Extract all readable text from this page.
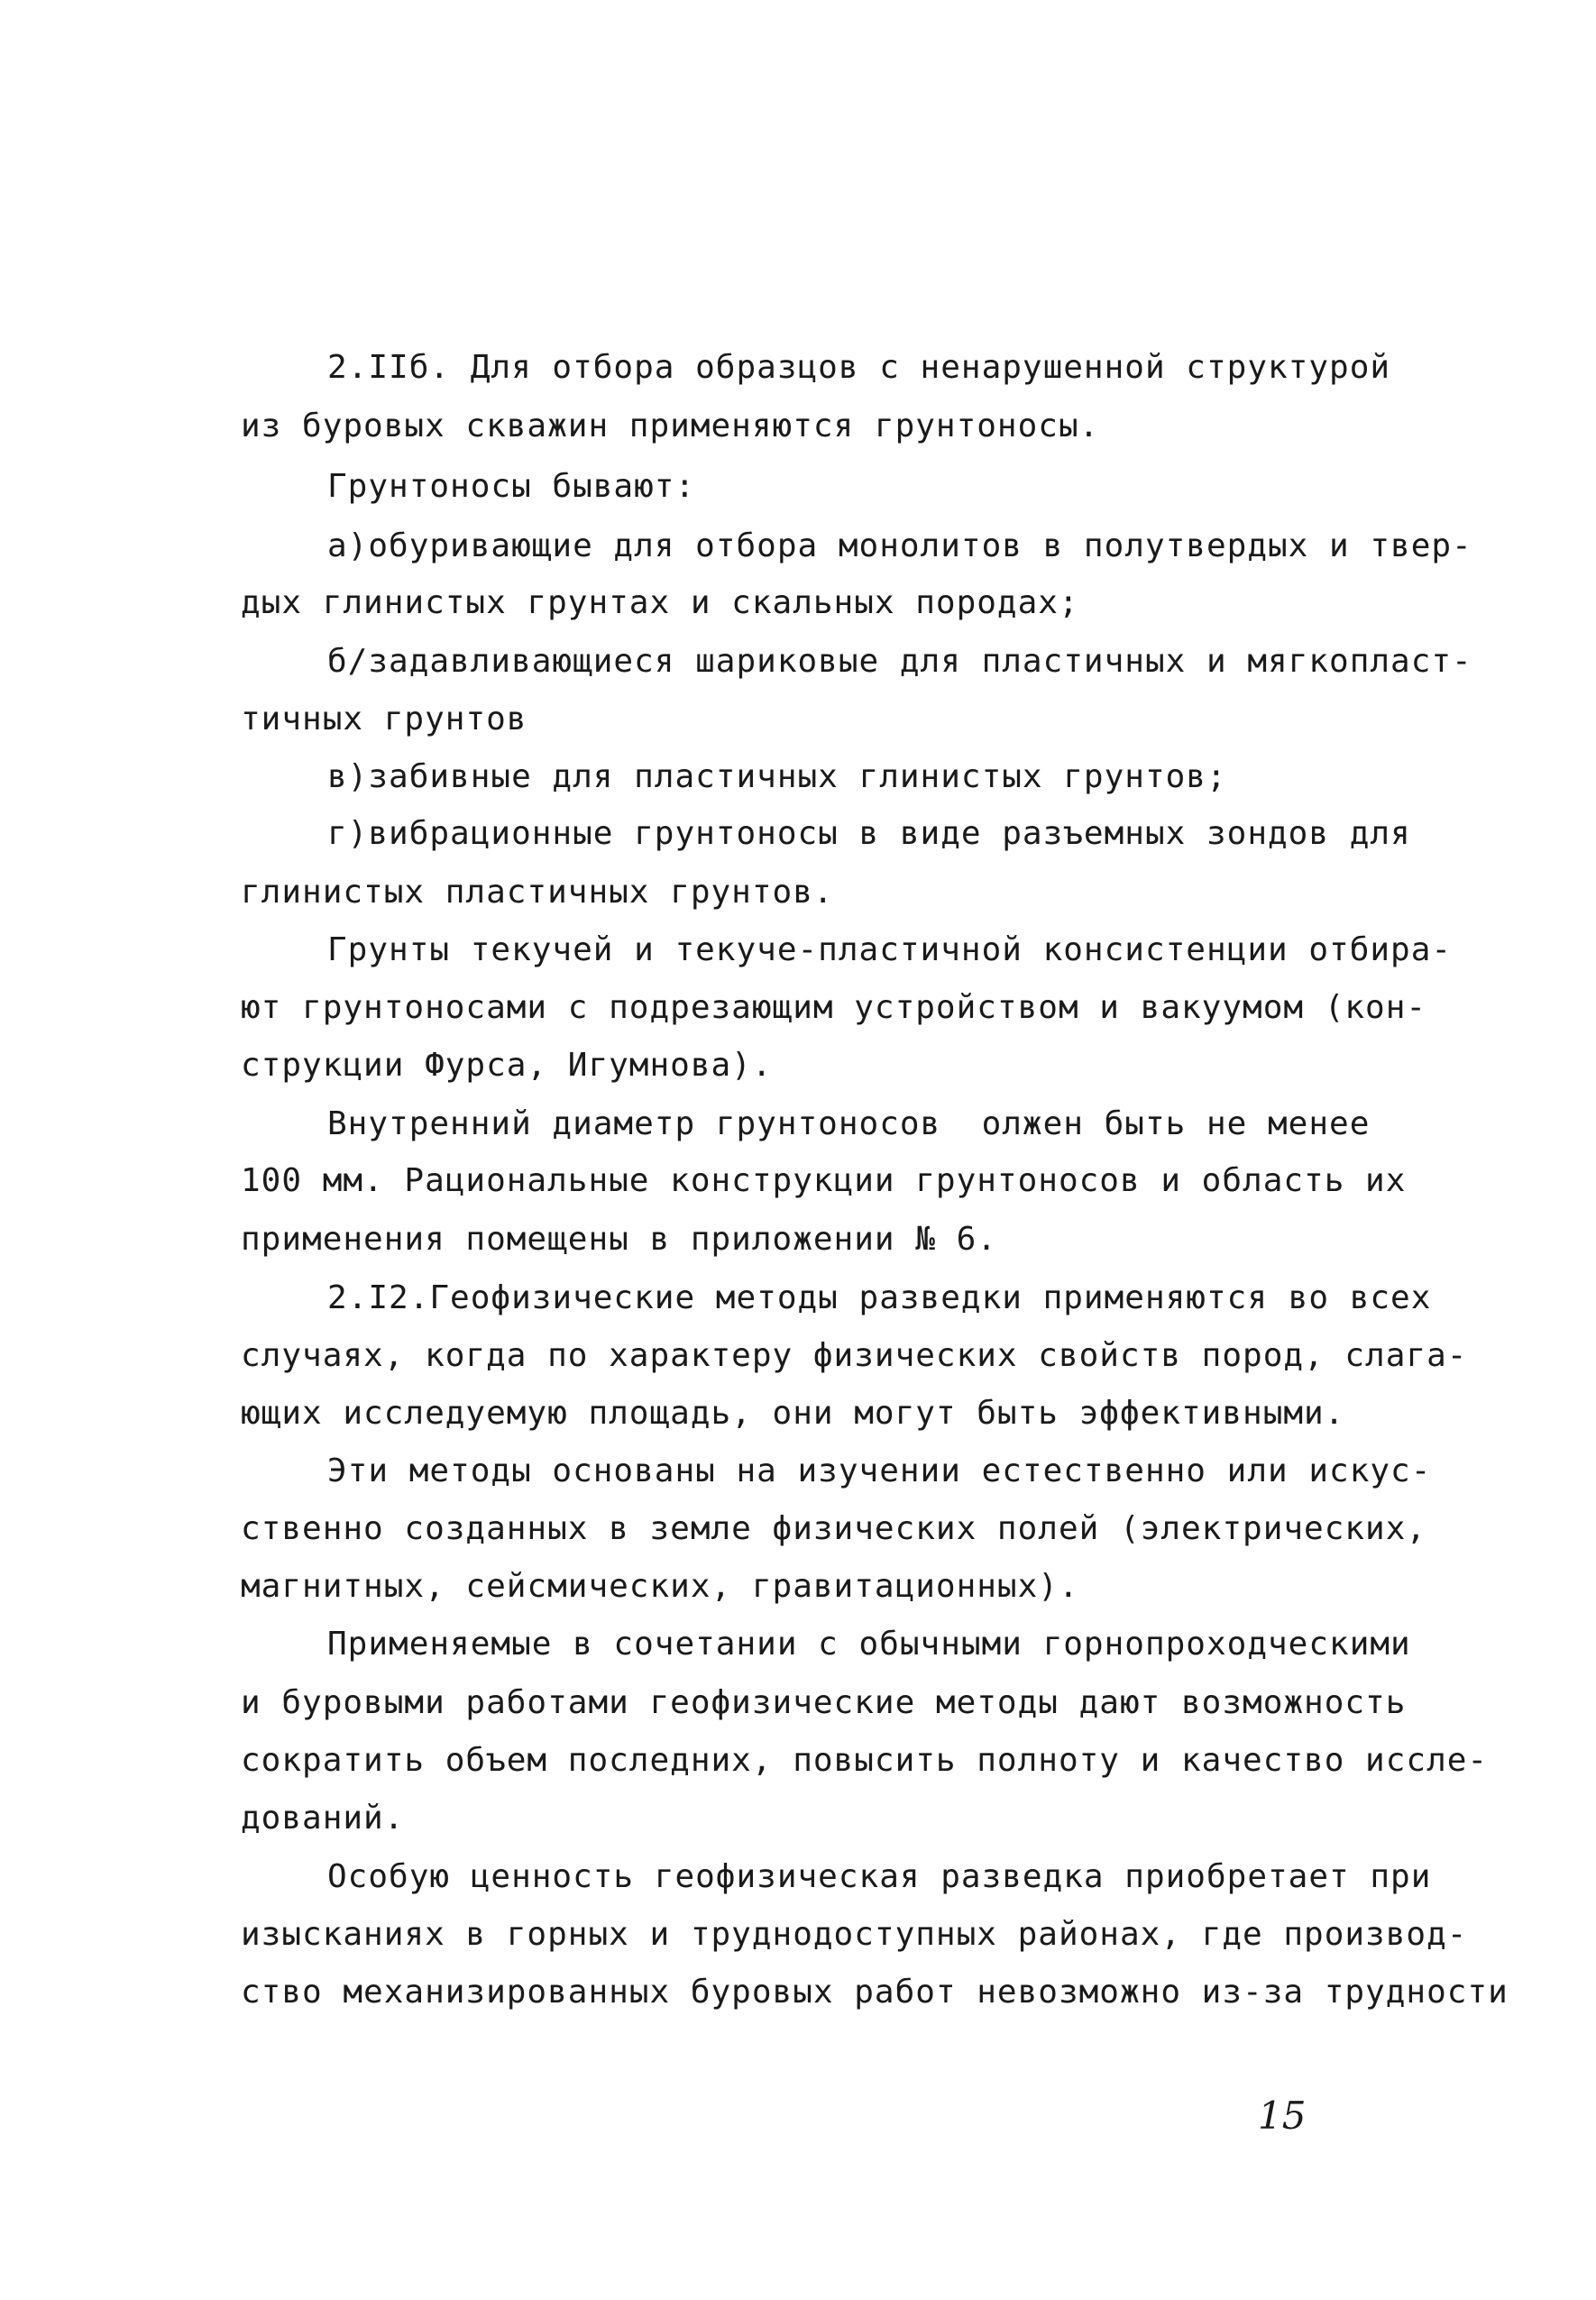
2.IIб. Для отбора образцов с ненарушенной структурой
из буровых скважин применяются грунтоносы.
Грунтоносы бывают:
а)обуривающие для отбора монолитов в полутвердых и твер-
дых глинистых грунтах и скальных породах;
б/задавливающиеся шариковые для пластичных и мягкопласт-
тичных грунтов
в)забивные для пластичных глинистых грунтов;
г)вибрационные грунтоносы в виде разъемных зондов для
глинистых пластичных грунтов.
Грунты текучей и текуче-пластичной консистенции отбира-
ют грунтоносами с подрезающим устройством и вакуумом (кон-
струкции Фурса, Игумнова).
Внутренний диаметр грунтоносов  олжен быть не менее
100 мм. Рациональные конструкции грунтоносов и область их
применения помещены в приложении № 6.
2.I2.Геофизические методы разведки применяются во всех
случаях, когда по характеру физических свойств пород, слага-
ющих исследуемую площадь, они могут быть эффективными.
Эти методы основаны на изучении естественно или искус-
ственно созданных в земле физических полей (электрических,
магнитных, сейсмических, гравитационных).
Применяемые в сочетании с обычными горнопроходческими
и буровыми работами геофизические методы дают возможность
сократить объем последних, повысить полноту и качество иссле-
дований.
Особую ценность геофизическая разведка приобретает при
изысканиях в горных и труднодоступных районах, где производ-
ство механизированных буровых работ невозможно из-за трудности
15
